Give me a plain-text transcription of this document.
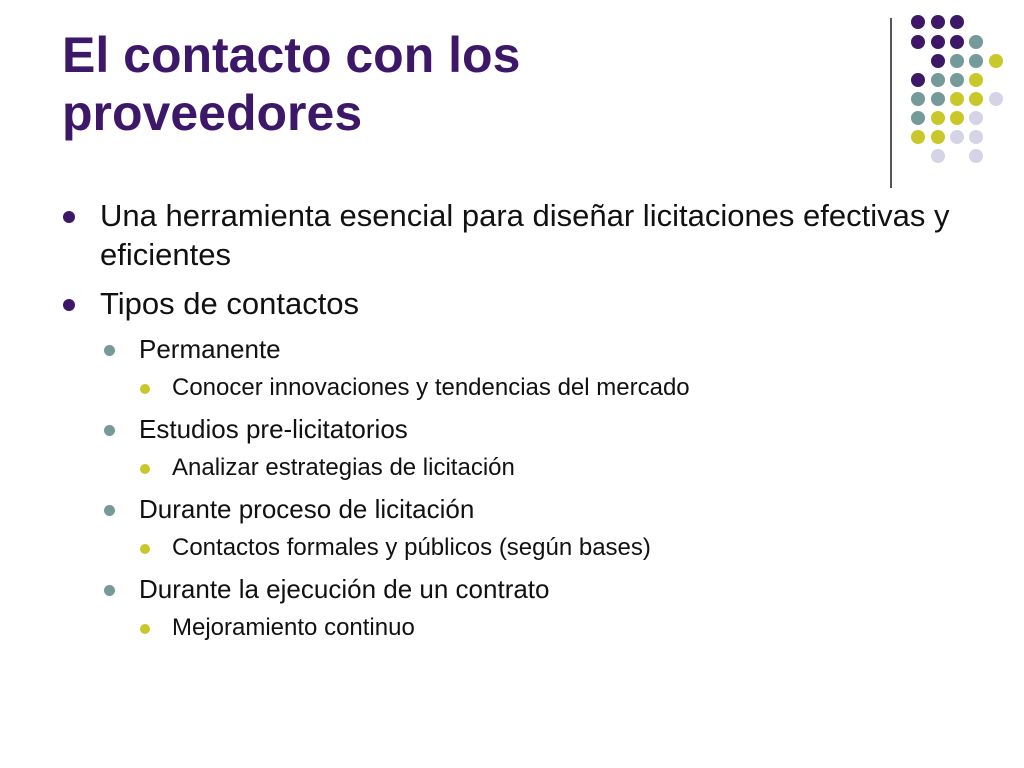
El contacto con los
proveedores
Una herramienta esencial para diseñar licitaciones efectivas y eficientes
Tipos de contactos
Permanente
Conocer innovaciones y tendencias del mercado
Estudios pre-licitatorios
Analizar estrategias de licitación
Durante proceso de licitación
Contactos formales y públicos (según bases)
Durante la ejecución de un contrato
Mejoramiento continuo
